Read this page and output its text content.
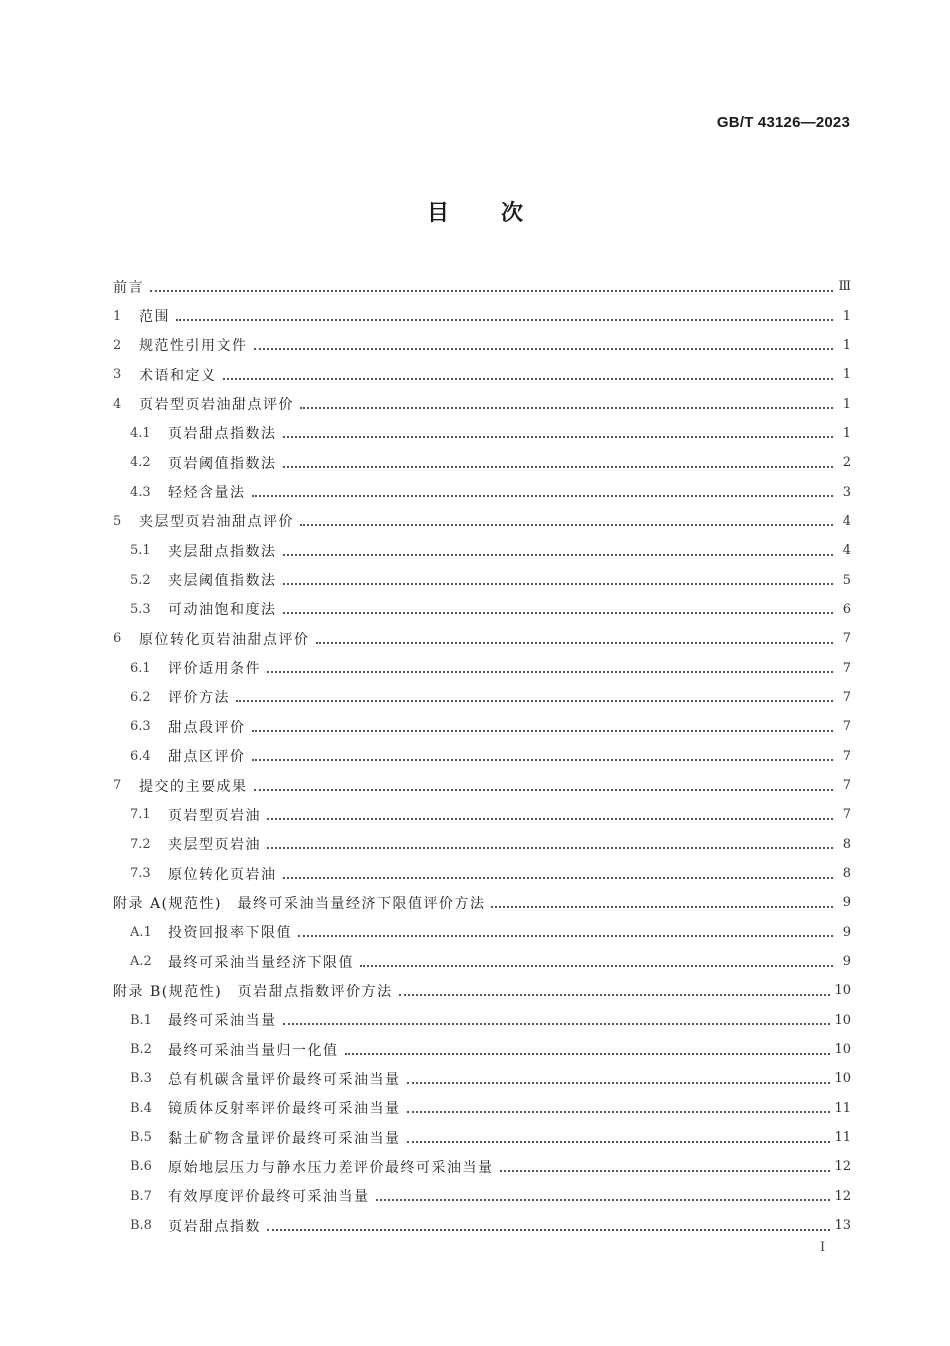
GB/T 43126—2023
目次
前言	Ⅲ
1	范围	1
2	规范性引用文件	1
3	术语和定义	1
4	页岩型页岩油甜点评价	1
4.1	页岩甜点指数法	1
4.2	页岩阈值指数法	2
4.3	轻烃含量法	3
5	夹层型页岩油甜点评价	4
5.1	夹层甜点指数法	4
5.2	夹层阈值指数法	5
5.3	可动油饱和度法	6
6	原位转化页岩油甜点评价	7
6.1	评价适用条件	7
6.2	评价方法	7
6.3	甜点段评价	7
6.4	甜点区评价	7
7	提交的主要成果	7
7.1	页岩型页岩油	7
7.2	夹层型页岩油	8
7.3	原位转化页岩油	8
附录 A(规范性)　最终可采油当量经济下限值评价方法	9
A.1	投资回报率下限值	9
A.2	最终可采油当量经济下限值	9
附录 B(规范性)　页岩甜点指数评价方法	10
B.1	最终可采油当量	10
B.2	最终可采油当量归一化值	10
B.3	总有机碳含量评价最终可采油当量	10
B.4	镜质体反射率评价最终可采油当量	11
B.5	黏土矿物含量评价最终可采油当量	11
B.6	原始地层压力与静水压力差评价最终可采油当量	12
B.7	有效厚度评价最终可采油当量	12
B.8	页岩甜点指数	13
I
